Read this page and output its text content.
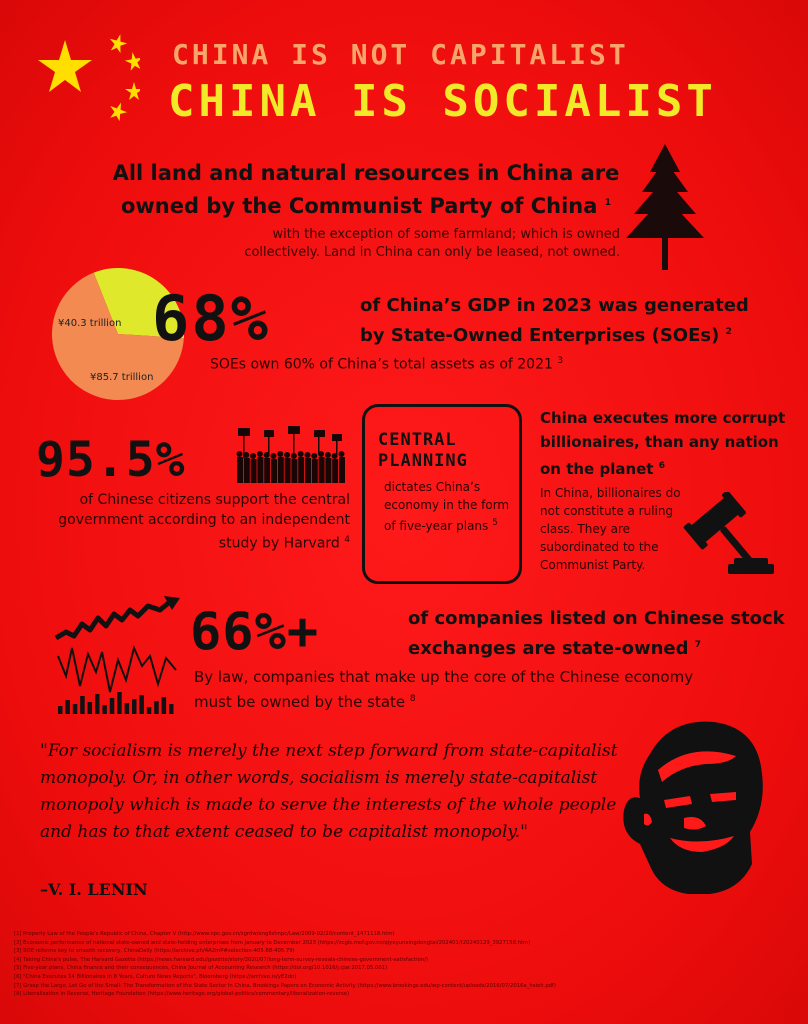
CHINA IS NOT CAPITALIST
CHINA IS SOCIALIST
All land and natural resources in China are owned by the Communist Party of China $^1$
with the exception of some farmland; which is owned collectively. Land in China can only be leased, not owned.
¥40.3 trillion
¥85.7 trillion
68%	of China’s GDP in 2023 was generated by State-Owned Enterprises (SOEs) $^2$
SOEs own 60% of China’s total assets as of 2021 $^3$
95.5%
of Chinese citizens support the central government according to an independent study by Harvard $^4$
CENTRAL PLANNING
dictates China’s economy in the form of five-year plans $^5$
China executes more corrupt billionaires, than any nation on the planet $^6$
In China, billionaires do not constitute a ruling class. They are subordinated to the Communist Party.
66%+	of companies listed on Chinese stock exchanges are state-owned $^7$
By law, companies that make up the core of the Chinese economy must be owned by the state $^8$
"For socialism is merely the next step forward from state-capitalist monopoly. Or, in other words, socialism is merely state-capitalist monopoly which is made to serve the interests of the whole people and has to that extent ceased to be capitalist monopoly."
–V. I. LENIN
[1] Property Law of the People's Republic of China, Chapter V (http://www.npc.gov.cn/zgrdw/englishnpc/Law/2009-02/20/content_1471118.htm)
[2] Economic performance of national state-owned and state-holding enterprises from January to December 2023 (https://zcgls.mof.gov.cn/qiyeyunxingdongtai/202401/t20240129_3927158.htm)
[3] SOE reforms key to smooth recovery, ChinaDaily (https://archive.ph/4A2mP#selection-405.68-405.79)
[4] Taking China's pulse, The Harvard Gazette (https://news.harvard.edu/gazette/story/2020/07/long-term-survey-reveals-chinese-government-satisfaction/)
[5] Five-year plans, China finance and their consequences, China Journal of Accounting Research (https://doi.org/10.1016/j.cjar.2017.05.001)
[6] "China Executes 14 Billionaires in 8 Years, Culture News Reports", Bloomberg (https://archive.is/yE2dn)
[7] Grasp the Large, Let Go of the Small: The Transformation of the State Sector in China, Brookings Papers on Economic Activity (https://www.brookings.edu/wp-content/uploads/2016/07/2016a_hsieh.pdf)
[8] Liberalization in Reverse, Heritage Foundation (https://www.heritage.org/global-politics/commentary/liberalization-reverse)
